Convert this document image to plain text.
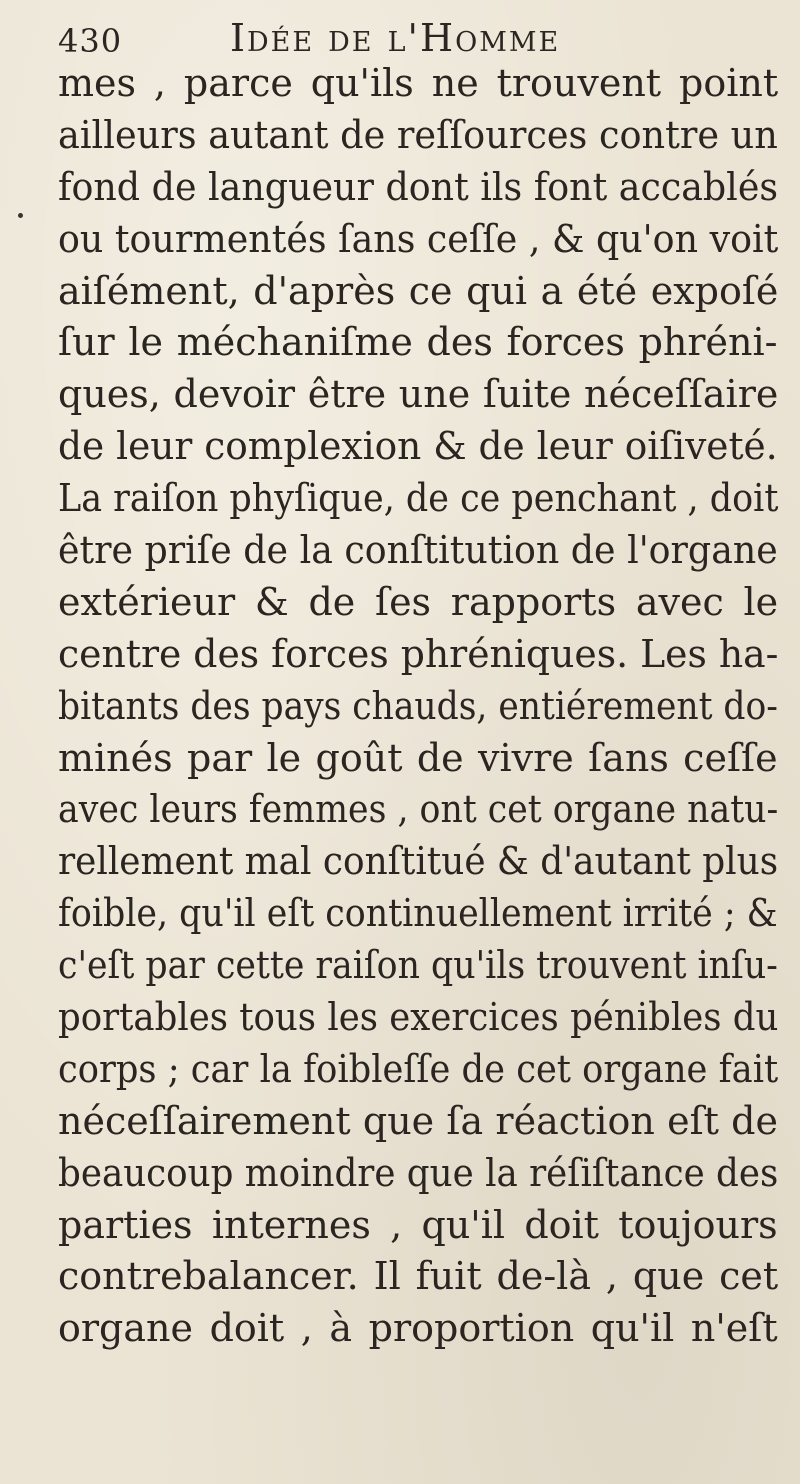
430	Idée de l'Homme
mes , parce qu'ils ne trouvent point
ailleurs autant de reſſources contre un
fond de langueur dont ils font accablés
ou tourmentés ſans ceſſe , & qu'on voit
aiſément, d'après ce qui a été expoſé
ſur le méchaniſme des forces phréni-
ques, devoir être une ſuite néceſſaire
de leur complexion & de leur oiſiveté.
La raiſon phyſique, de ce penchant , doit
être priſe de la conſtitution de l'organe
extérieur & de ſes rapports avec le
centre des forces phréniques. Les ha-
bitants des pays chauds, entiérement do-
minés par le goût de vivre ſans ceſſe
avec leurs femmes , ont cet organe natu-
rellement mal conſtitué & d'autant plus
foible, qu'il eſt continuellement irrité ; &
c'eſt par cette raiſon qu'ils trouvent inſu-
portables tous les exercices pénibles du
corps ; car la foibleſſe de cet organe fait
néceſſairement que ſa réaction eſt de
beaucoup moindre que la réſiſtance des
parties internes , qu'il doit toujours
contrebalancer. Il fuit de-là , que cet
organe doit , à proportion qu'il n'eſt
